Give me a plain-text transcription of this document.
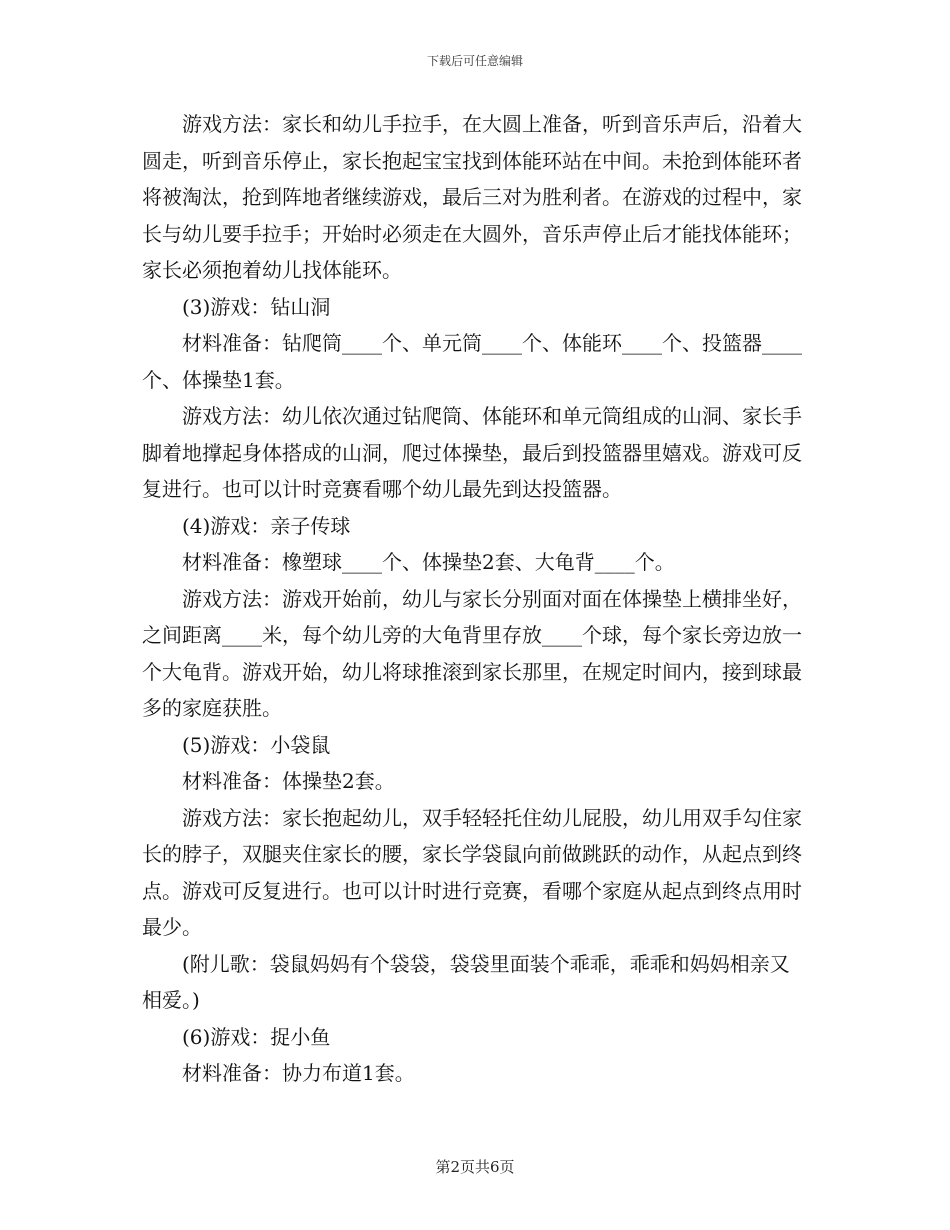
下载后可任意编辑

游戏方法：家长和幼儿手拉手，在大圆上准备，听到音乐声后，沿着大圆走，听到音乐停止，家长抱起宝宝找到体能环站在中间。未抢到体能环者将被淘汰，抢到阵地者继续游戏，最后三对为胜利者。在游戏的过程中，家长与幼儿要手拉手；开始时必须走在大圆外，音乐声停止后才能找体能环；家长必须抱着幼儿找体能环。

(3)游戏：钻山洞

材料准备：钻爬筒____个、单元筒____个、体能环____个、投篮器____个、体操垫1套。

游戏方法：幼儿依次通过钻爬筒、体能环和单元筒组成的山洞、家长手脚着地撑起身体搭成的山洞，爬过体操垫，最后到投篮器里嬉戏。游戏可反复进行。也可以计时竞赛看哪个幼儿最先到达投篮器。

(4)游戏：亲子传球

材料准备：橡塑球____个、体操垫2套、大龟背____个。

游戏方法：游戏开始前，幼儿与家长分别面对面在体操垫上横排坐好，之间距离____米，每个幼儿旁的大龟背里存放____个球，每个家长旁边放一个大龟背。游戏开始，幼儿将球推滚到家长那里，在规定时间内，接到球最多的家庭获胜。

(5)游戏：小袋鼠

材料准备：体操垫2套。

游戏方法：家长抱起幼儿，双手轻轻托住幼儿屁股，幼儿用双手勾住家长的脖子，双腿夹住家长的腰，家长学袋鼠向前做跳跃的动作，从起点到终点。游戏可反复进行。也可以计时进行竞赛，看哪个家庭从起点到终点用时最少。

(附儿歌：袋鼠妈妈有个袋袋，袋袋里面装个乖乖，乖乖和妈妈相亲又相爱。)

(6)游戏：捉小鱼

材料准备：协力布道1套。

第2页共6页
